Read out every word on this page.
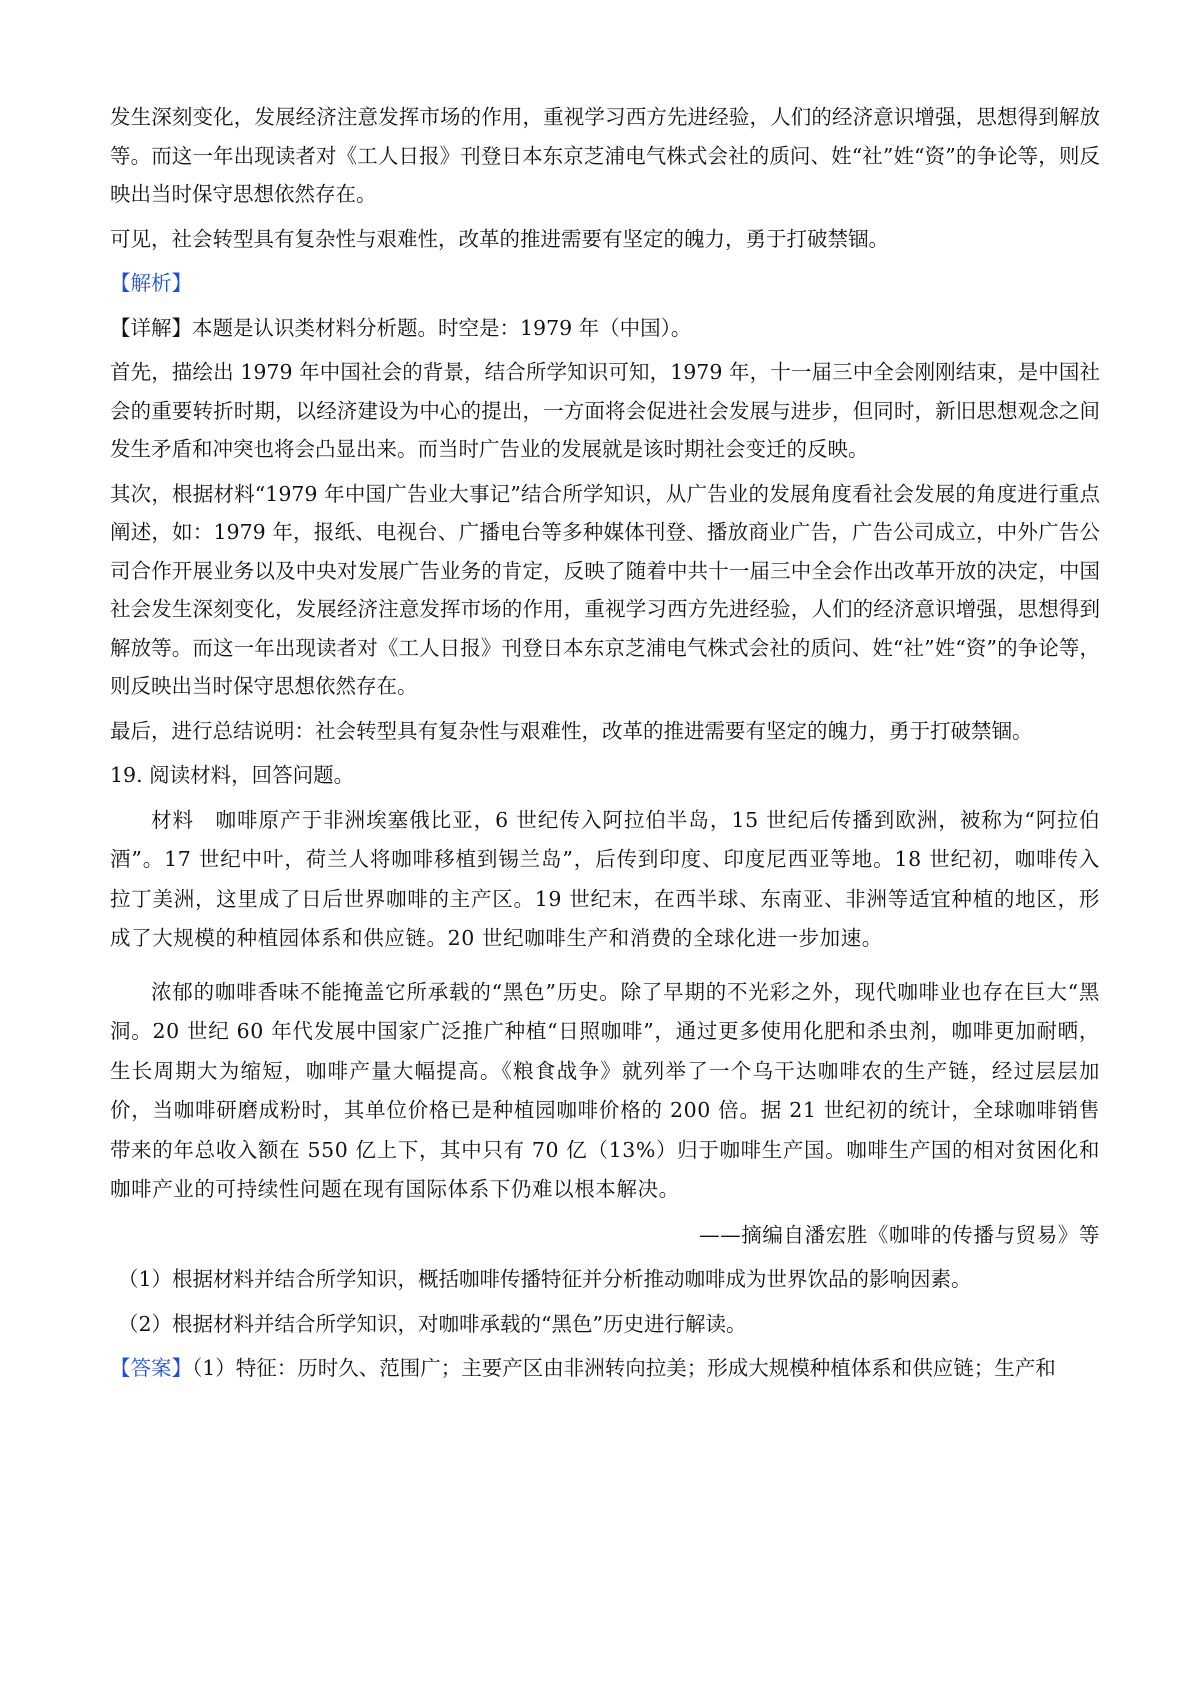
发生深刻变化，发展经济注意发挥市场的作用，重视学习西方先进经验，人们的经济意识增强，思想得到解放等。而这一年出现读者对《工人日报》刊登日本东京芝浦电气株式会社的质问、姓“社”姓“资”的争论等，则反映出当时保守思想依然存在。

可见，社会转型具有复杂性与艰难性，改革的推进需要有坚定的魄力，勇于打破禁锢。

【解析】

【详解】本题是认识类材料分析题。时空是：1979 年（中国）。

首先，描绘出 1979 年中国社会的背景，结合所学知识可知，1979 年，十一届三中全会刚刚结束，是中国社会的重要转折时期，以经济建设为中心的提出，一方面将会促进社会发展与进步，但同时，新旧思想观念之间发生矛盾和冲突也将会凸显出来。而当时广告业的发展就是该时期社会变迁的反映。

其次，根据材料“1979 年中国广告业大事记”结合所学知识，从广告业的发展角度看社会发展的角度进行重点阐述，如：1979 年，报纸、电视台、广播电台等多种媒体刊登、播放商业广告，广告公司成立，中外广告公司合作开展业务以及中央对发展广告业务的肯定，反映了随着中共十一届三中全会作出改革开放的决定，中国社会发生深刻变化，发展经济注意发挥市场的作用，重视学习西方先进经验，人们的经济意识增强，思想得到解放等。而这一年出现读者对《工人日报》刊登日本东京芝浦电气株式会社的质问、姓“社”姓“资”的争论等，则反映出当时保守思想依然存在。

最后，进行总结说明：社会转型具有复杂性与艰难性，改革的推进需要有坚定的魄力，勇于打破禁锢。

19. 阅读材料，回答问题。

材料　咖啡原产于非洲埃塞俄比亚，6 世纪传入阿拉伯半岛，15 世纪后传播到欧洲，被称为“阿拉伯酒”。17 世纪中叶，荷兰人将咖啡移植到锡兰岛”，后传到印度、印度尼西亚等地。18 世纪初，咖啡传入拉丁美洲，这里成了日后世界咖啡的主产区。19 世纪末，在西半球、东南亚、非洲等适宜种植的地区，形成了大规模的种植园体系和供应链。20 世纪咖啡生产和消费的全球化进一步加速。

浓郁的咖啡香味不能掩盖它所承载的“黑色”历史。除了早期的不光彩之外，现代咖啡业也存在巨大“黑洞。20 世纪 60 年代发展中国家广泛推广种植“日照咖啡”，通过更多使用化肥和杀虫剂，咖啡更加耐晒，生长周期大为缩短，咖啡产量大幅提高。《粮食战争》就列举了一个乌干达咖啡农的生产链，经过层层加价，当咖啡研磨成粉时，其单位价格已是种植园咖啡价格的 200 倍。据 21 世纪初的统计，全球咖啡销售带来的年总收入额在 550 亿上下，其中只有 70 亿（13%）归于咖啡生产国。咖啡生产国的相对贫困化和咖啡产业的可持续性问题在现有国际体系下仍难以根本解决。

——摘编自潘宏胜《咖啡的传播与贸易》等

（1）根据材料并结合所学知识，概括咖啡传播特征并分析推动咖啡成为世界饮品的影响因素。

（2）根据材料并结合所学知识，对咖啡承载的“黑色”历史进行解读。

【答案】（1）特征：历时久、范围广；主要产区由非洲转向拉美；形成大规模种植体系和供应链；生产和
